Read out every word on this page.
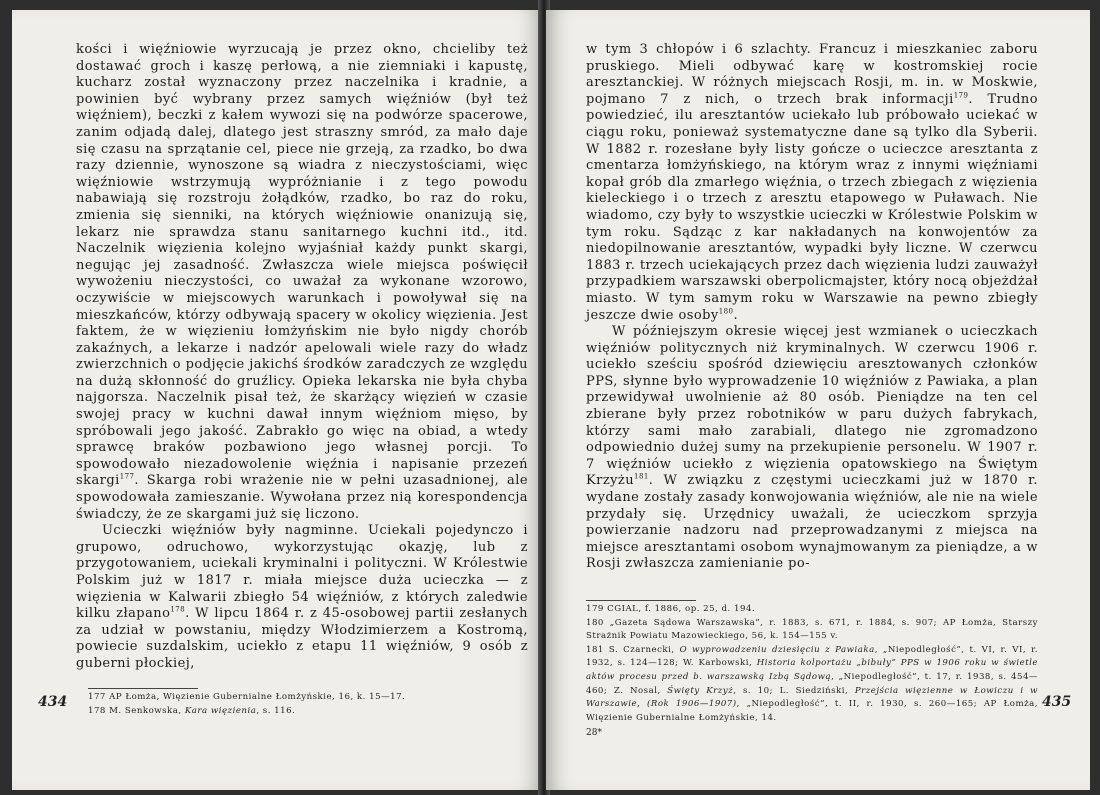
kości i więźniowie wyrzucają je przez okno, chcieliby też dostawać groch i kaszę perłową, a nie ziemniaki i kapustę, kucharz został wyznaczony przez naczelnika i kradnie, a powinien być wybrany przez samych więźniów (był też więźniem), beczki z kałem wywozi się na podwórze spacerowe, zanim odjadą dalej, dlatego jest straszny smród, za mało daje się czasu na sprzątanie cel, piece nie grzeją, za rzadko, bo dwa razy dziennie, wynoszone są wiadra z nieczystościami, więc więźniowie wstrzymują wypróżnianie i z tego powodu nabawiają się rozstroju żołądków, rzadko, bo raz do roku, zmienia się sienniki, na których więźniowie onanizują się, lekarz nie sprawdza stanu sanitarnego kuchni itd., itd. Naczelnik więzienia kolejno wyjaśniał każdy punkt skargi, negując jej zasadność. Zwłaszcza wiele miejsca poświęcił wywożeniu nieczystości, co uważał za wykonane wzorowo, oczywiście w miejscowych warunkach i powoływał się na mieszkańców, którzy odbywają spacery w okolicy więzienia. Jest faktem, że w więzieniu łomżyńskim nie było nigdy chorób zakaźnych, a lekarze i nadzór apelowali wiele razy do władz zwierzchnich o podjęcie jakichś środków zaradczych ze względu na dużą skłonność do gruźlicy. Opieka lekarska nie była chyba najgorsza. Naczelnik pisał też, że skarżący więzień w czasie swojej pracy w kuchni dawał innym więźniom mięso, by spróbowali jego jakość. Zabrakło go więc na obiad, a wtedy sprawcę braków pozbawiono jego własnej porcji. To spowodowało niezadowolenie więźnia i napisanie przezeń skargi$^{177}$. Skarga robi wrażenie nie w pełni uzasadnionej, ale spowodowała zamieszanie. Wywołana przez nią korespondencja świadczy, że ze skargami już się liczono.

Ucieczki więźniów były nagminne. Uciekali pojedynczo i grupowo, odruchowo, wykorzystując okazję, lub z przygotowaniem, uciekali kryminalni i polityczni. W Królestwie Polskim już w 1817 r. miała miejsce duża ucieczka — z więzienia w Kalwarii zbiegło 54 więźniów, z których zaledwie kilku złapano$^{178}$. W lipcu 1864 r. z 45-osobowej partii zesłanych za udział w powstaniu, między Włodzimierzem a Kostromą, powiecie suzdalskim, uciekło z etapu 11 więźniów, 9 osób z guberni płockiej,

177 AP Łomża, Więzienie Gubernialne Łomżyńskie, 16, k. 15—17.

178 M. Senkowska, Kara więzienia, s. 116.

434

w tym 3 chłopów i 6 szlachty. Francuz i mieszkaniec zaboru pruskiego. Mieli odbywać karę w kostromskiej rocie aresztanckiej. W różnych miejscach Rosji, m. in. w Moskwie, pojmano 7 z nich, o trzech brak informacji$^{179}$. Trudno powiedzieć, ilu aresztantów uciekało lub próbowało uciekać w ciągu roku, ponieważ systematyczne dane są tylko dla Syberii. W 1882 r. rozesłane były listy gończe o ucieczce aresztanta z cmentarza łomżyńskiego, na którym wraz z innymi więźniami kopał grób dla zmarłego więźnia, o trzech zbiegach z więzienia kieleckiego i o trzech z aresztu etapowego w Puławach. Nie wiadomo, czy były to wszystkie ucieczki w Królestwie Polskim w tym roku. Sądząc z kar nakładanych na konwojentów za niedopilnowanie aresztantów, wypadki były liczne. W czerwcu 1883 r. trzech uciekających przez dach więzienia ludzi zauważył przypadkiem warszawski oberpolicmajster, który nocą objeżdżał miasto. W tym samym roku w Warszawie na pewno zbiegły jeszcze dwie osoby$^{180}$.

W późniejszym okresie więcej jest wzmianek o ucieczkach więźniów politycznych niż kryminalnych. W czerwcu 1906 r. uciekło sześciu spośród dziewięciu aresztowanych członków PPS, słynne było wyprowadzenie 10 więźniów z Pawiaka, a plan przewidywał uwolnienie aż 80 osób. Pieniądze na ten cel zbierane były przez robotników w paru dużych fabrykach, którzy sami mało zarabiali, dlatego nie zgromadzono odpowiednio dużej sumy na przekupienie personelu. W 1907 r. 7 więźniów uciekło z więzienia opatowskiego na Świętym Krzyżu$^{181}$. W związku z częstymi ucieczkami już w 1870 r. wydane zostały zasady konwojowania więźniów, ale nie na wiele przydały się. Urzędnicy uważali, że ucieczkom sprzyja powierzanie nadzoru nad przeprowadzanymi z miejsca na miejsce aresztantami osobom wynajmowanym za pieniądze, a w Rosji zwłaszcza zamienianie po-

179 CGIAL, f. 1886, op. 25, d. 194.

180 „Gazeta Sądowa Warszawska”, r. 1883, s. 671, r. 1884, s. 907; AP Łomża, Starszy Strażnik Powiatu Mazowieckiego, 56, k. 154—155 v.

181 S. Czarnecki, O wyprowadzeniu dziesięciu z Pawiaka, „Niepodległość”, t. VI, r. VI, r. 1932, s. 124—128; W. Karbowski, Historia kolportażu „bibuły” PPS w 1906 roku w świetle aktów procesu przed b. warszawską Izbą Sądową, „Niepodległość”, t. 17, r. 1938, s. 454—460; Z. Nosal, Święty Krzyż, s. 10; L. Siedziński, Przejścia więzienne w Łowiczu i w Warszawie, (Rok 1906—1907), „Niepodległość”, t. II, r. 1930, s. 260—165; AP Łomża, Więzienie Gubernialne Łomżyńskie, 14.

28*
435
